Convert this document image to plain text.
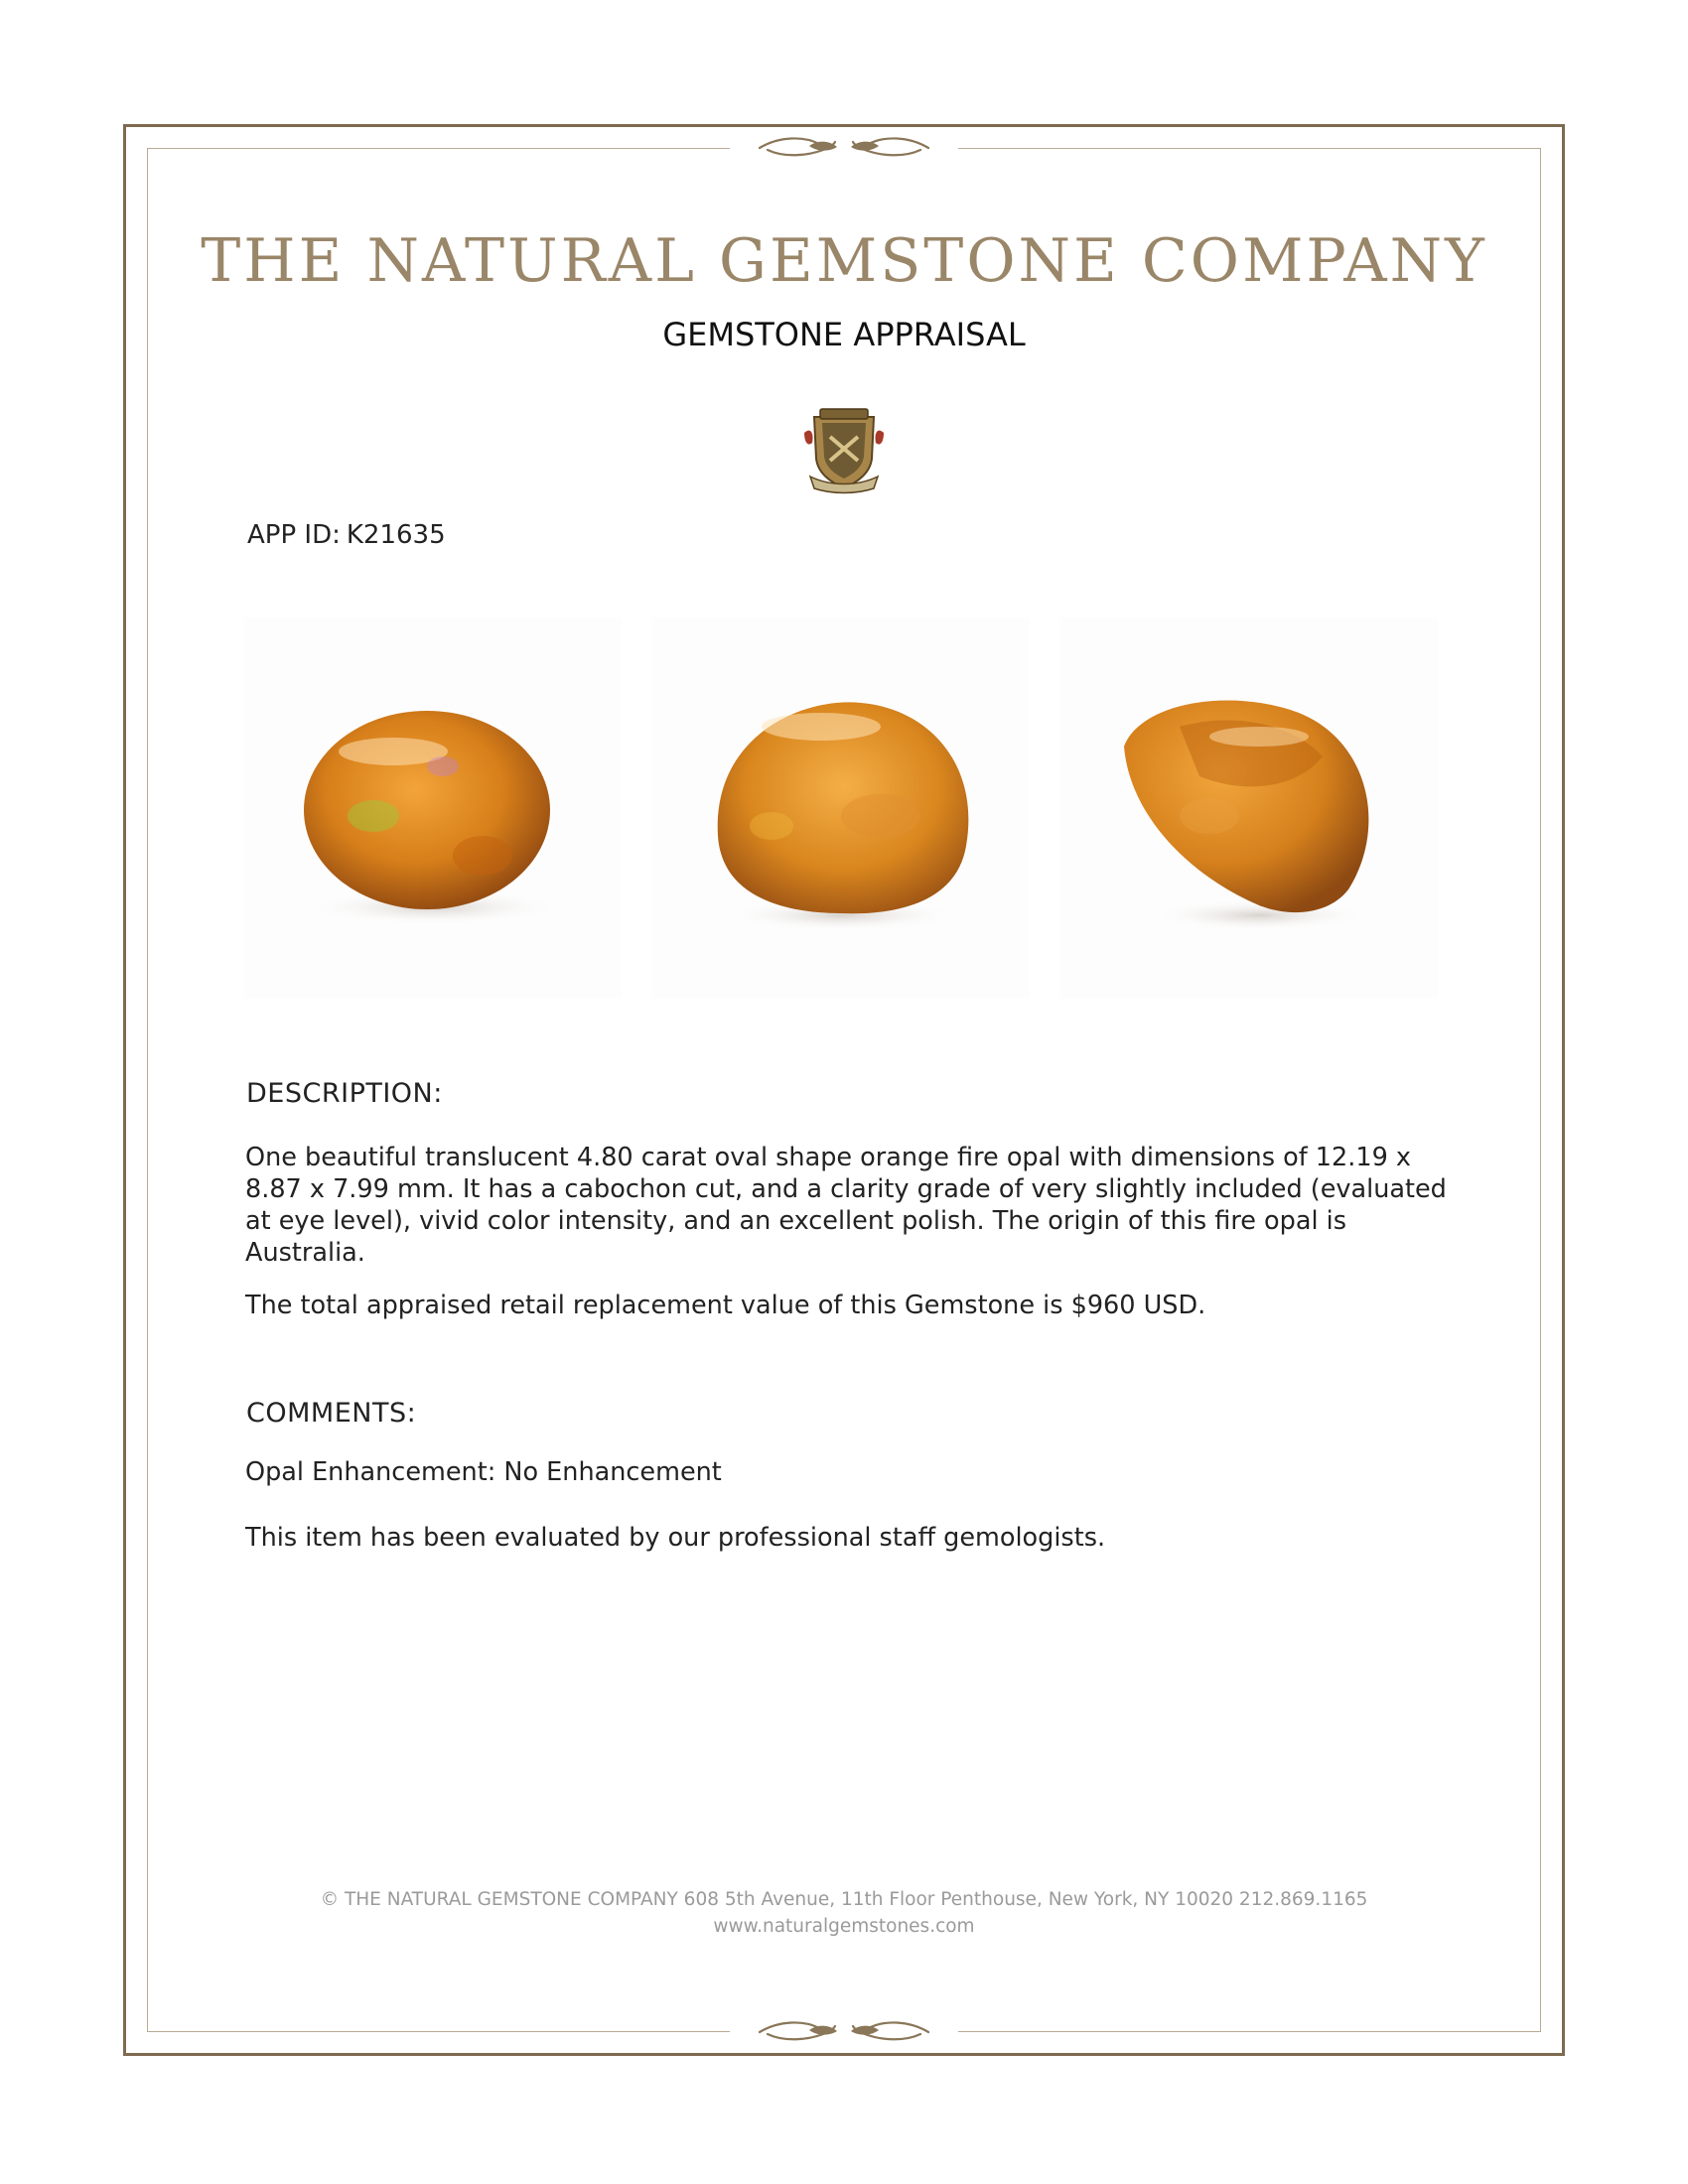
THE NATURAL GEMSTONE COMPANY
GEMSTONE APPRAISAL
APP ID: K21635
DESCRIPTION:
One beautiful translucent 4.80 carat oval shape orange fire opal with dimensions of 12.19 x 8.87 x 7.99 mm. It has a cabochon cut, and a clarity grade of very slightly included (evaluated at eye level), vivid color intensity, and an excellent polish. The origin of this fire opal is Australia.
The total appraised retail replacement value of this Gemstone is $960 USD.
COMMENTS:
Opal Enhancement: No Enhancement
This item has been evaluated by our professional staff gemologists.
© THE NATURAL GEMSTONE COMPANY 608 5th Avenue, 11th Floor Penthouse, New York, NY 10020 212.869.1165
www.naturalgemstones.com
